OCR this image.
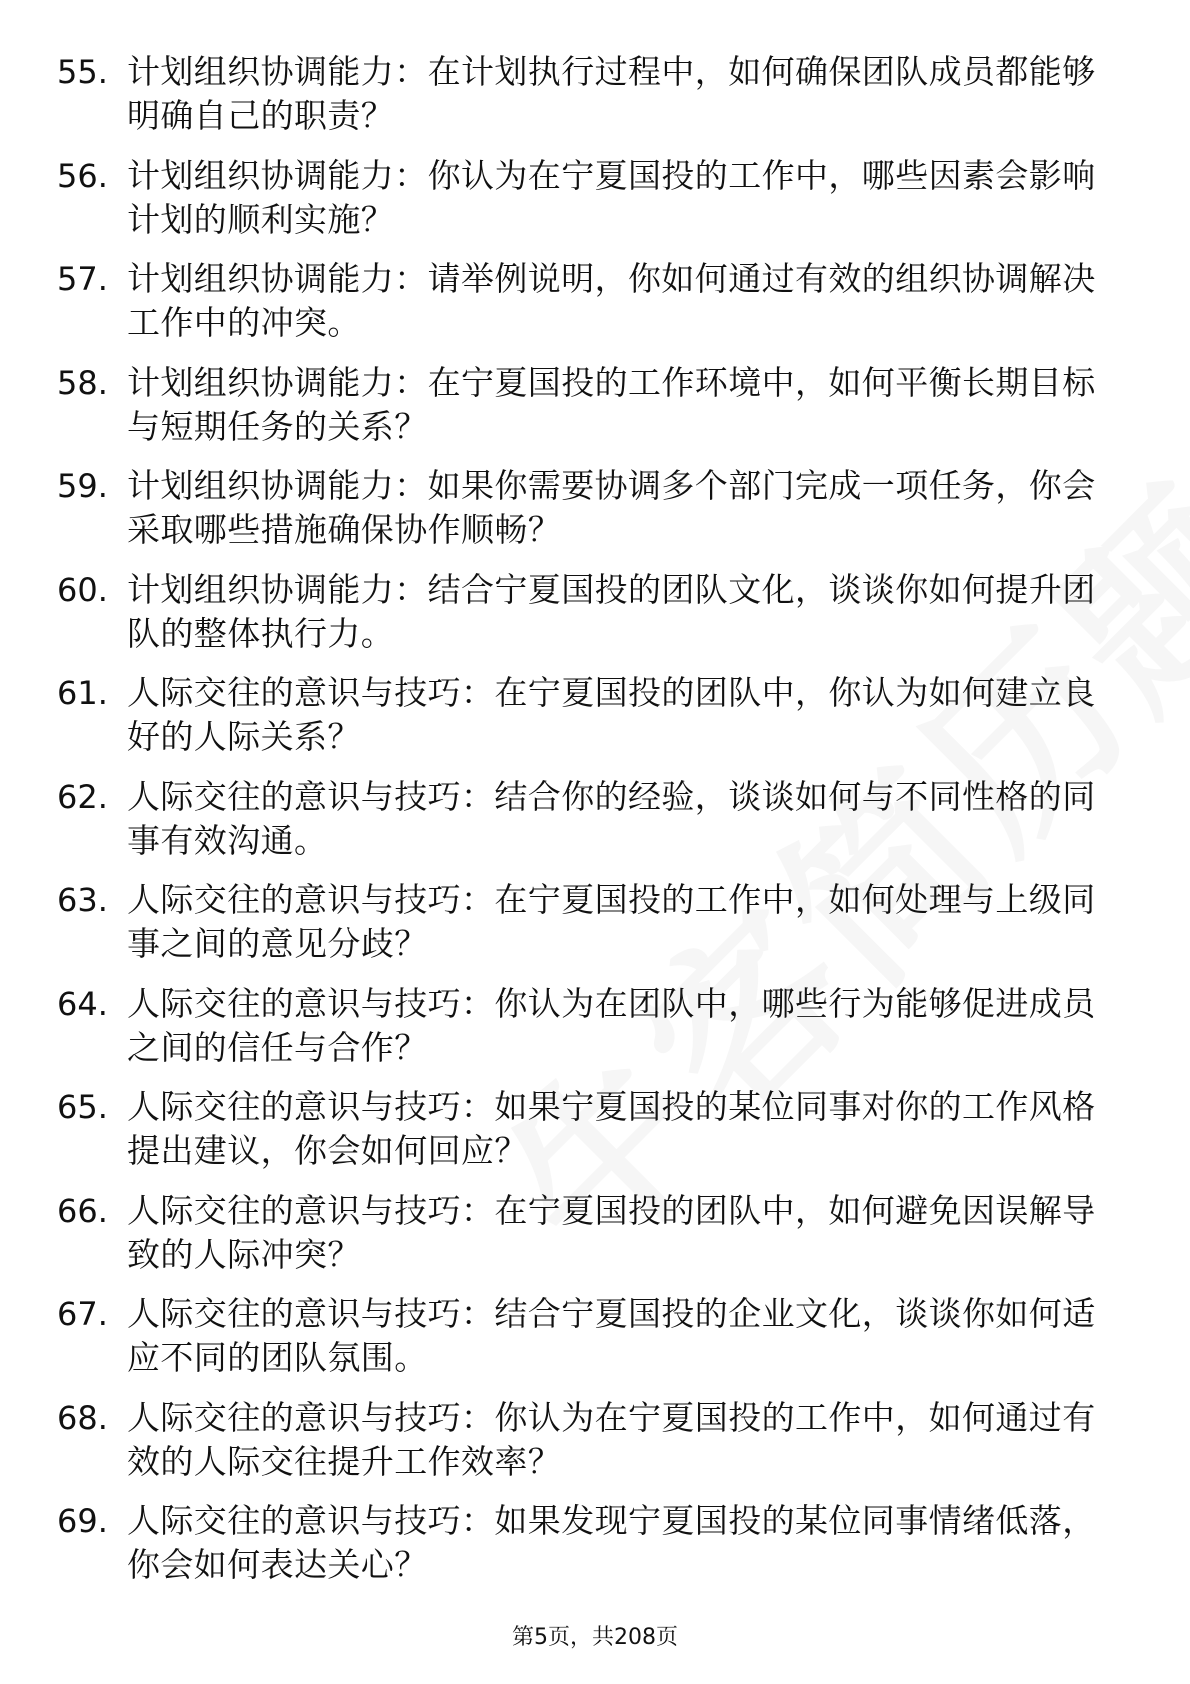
55. 计划组织协调能力：在计划执行过程中，如何确保团队成员都能够明确自己的职责？
56. 计划组织协调能力：你认为在宁夏国投的工作中，哪些因素会影响计划的顺利实施？
57. 计划组织协调能力：请举例说明，你如何通过有效的组织协调解决工作中的冲突。
58. 计划组织协调能力：在宁夏国投的工作环境中，如何平衡长期目标与短期任务的关系？
59. 计划组织协调能力：如果你需要协调多个部门完成一项任务，你会采取哪些措施确保协作顺畅？
60. 计划组织协调能力：结合宁夏国投的团队文化，谈谈你如何提升团队的整体执行力。
61. 人际交往的意识与技巧：在宁夏国投的团队中，你认为如何建立良好的人际关系？
62. 人际交往的意识与技巧：结合你的经验，谈谈如何与不同性格的同事有效沟通。
63. 人际交往的意识与技巧：在宁夏国投的工作中，如何处理与上级同事之间的意见分歧？
64. 人际交往的意识与技巧：你认为在团队中，哪些行为能够促进成员之间的信任与合作？
65. 人际交往的意识与技巧：如果宁夏国投的某位同事对你的工作风格提出建议，你会如何回应？
66. 人际交往的意识与技巧：在宁夏国投的团队中，如何避免因误解导致的人际冲突？
67. 人际交往的意识与技巧：结合宁夏国投的企业文化，谈谈你如何适应不同的团队氛围。
68. 人际交往的意识与技巧：你认为在宁夏国投的工作中，如何通过有效的人际交往提升工作效率？
69. 人际交往的意识与技巧：如果发现宁夏国投的某位同事情绪低落，你会如何表达关心？
第5页，共208页
